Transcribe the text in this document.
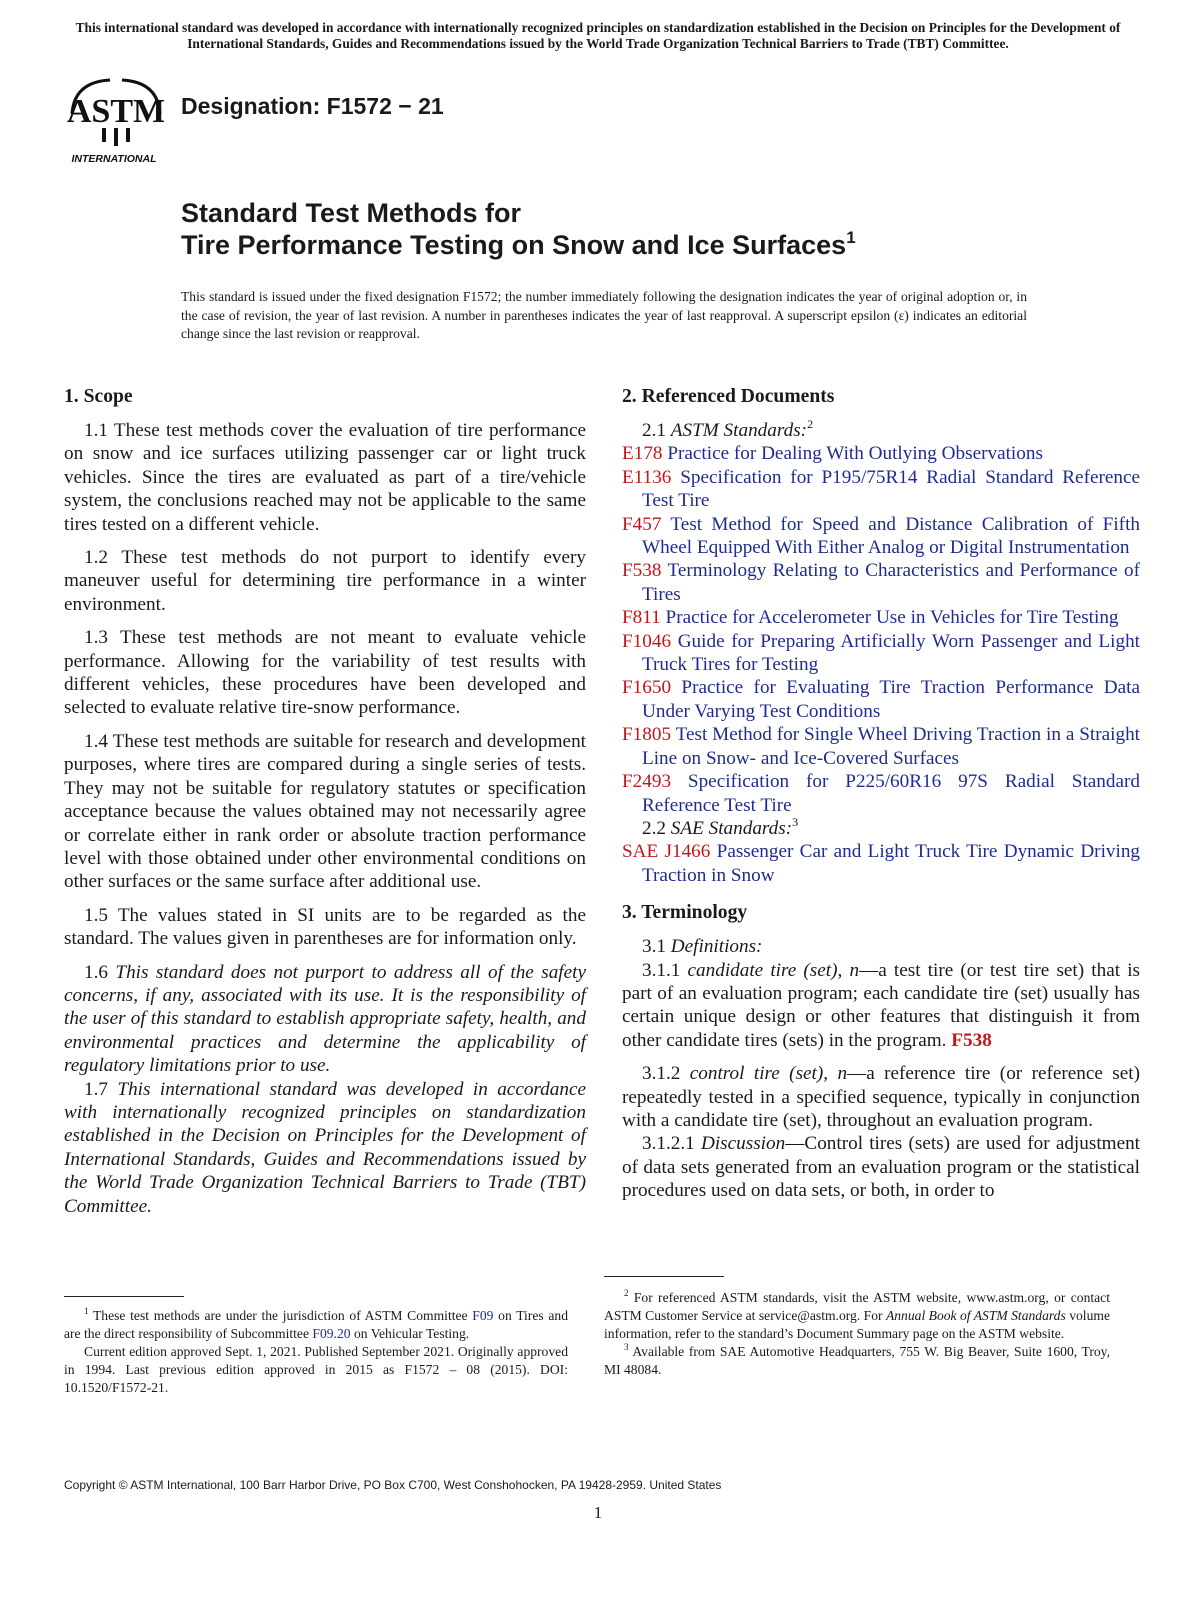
This international standard was developed in accordance with internationally recognized principles on standardization established in the Decision on Principles for the Development of International Standards, Guides and Recommendations issued by the World Trade Organization Technical Barriers to Trade (TBT) Committee.
ASTM
INTERNATIONAL
Designation: F1572 − 21
Standard Test Methods for
Tire Performance Testing on Snow and Ice Surfaces$^1$
This standard is issued under the fixed designation F1572; the number immediately following the designation indicates the year of original adoption or, in the case of revision, the year of last revision. A number in parentheses indicates the year of last reapproval. A superscript epsilon (ε) indicates an editorial change since the last revision or reapproval.
1. Scope

1.1 These test methods cover the evaluation of tire performance on snow and ice surfaces utilizing passenger car or light truck vehicles. Since the tires are evaluated as part of a tire/vehicle system, the conclusions reached may not be applicable to the same tires tested on a different vehicle.

1.2 These test methods do not purport to identify every maneuver useful for determining tire performance in a winter environment.

1.3 These test methods are not meant to evaluate vehicle performance. Allowing for the variability of test results with different vehicles, these procedures have been developed and selected to evaluate relative tire-snow performance.

1.4 These test methods are suitable for research and development purposes, where tires are compared during a single series of tests. They may not be suitable for regulatory statutes or specification acceptance because the values obtained may not necessarily agree or correlate either in rank order or absolute traction performance level with those obtained under other environmental conditions on other surfaces or the same surface after additional use.

1.5 The values stated in SI units are to be regarded as the standard. The values given in parentheses are for information only.

1.6 This standard does not purport to address all of the safety concerns, if any, associated with its use. It is the responsibility of the user of this standard to establish appropriate safety, health, and environmental practices and determine the applicability of regulatory limitations prior to use.

1.7 This international standard was developed in accordance with internationally recognized principles on standardization established in the Decision on Principles for the Development of International Standards, Guides and Recommendations issued by the World Trade Organization Technical Barriers to Trade (TBT) Committee.

2. Referenced Documents

2.1 ASTM Standards:$^2$

E178 Practice for Dealing With Outlying Observations

E1136 Specification for P195/75R14 Radial Standard Reference Test Tire

F457 Test Method for Speed and Distance Calibration of Fifth Wheel Equipped With Either Analog or Digital Instrumentation

F538 Terminology Relating to Characteristics and Performance of Tires

F811 Practice for Accelerometer Use in Vehicles for Tire Testing

F1046 Guide for Preparing Artificially Worn Passenger and Light Truck Tires for Testing

F1650 Practice for Evaluating Tire Traction Performance Data Under Varying Test Conditions

F1805 Test Method for Single Wheel Driving Traction in a Straight Line on Snow- and Ice-Covered Surfaces

F2493 Specification for P225/60R16 97S Radial Standard Reference Test Tire

2.2 SAE Standards:$^3$

SAE J1466 Passenger Car and Light Truck Tire Dynamic Driving Traction in Snow

3. Terminology

3.1 Definitions:

3.1.1 candidate tire (set), n—a test tire (or test tire set) that is part of an evaluation program; each candidate tire (set) usually has certain unique design or other features that distinguish it from other candidate tires (sets) in the program. F538

3.1.2 control tire (set), n—a reference tire (or reference set) repeatedly tested in a specified sequence, typically in conjunction with a candidate tire (set), throughout an evaluation program.

3.1.2.1 Discussion—Control tires (sets) are used for adjustment of data sets generated from an evaluation program or the statistical procedures used on data sets, or both, in order to

$^1$ These test methods are under the jurisdiction of ASTM Committee F09 on Tires and are the direct responsibility of Subcommittee F09.20 on Vehicular Testing.

Current edition approved Sept. 1, 2021. Published September 2021. Originally approved in 1994. Last previous edition approved in 2015 as F1572 – 08 (2015). DOI: 10.1520/F1572-21.

$^2$ For referenced ASTM standards, visit the ASTM website, www.astm.org, or contact ASTM Customer Service at service@astm.org. For Annual Book of ASTM Standards volume information, refer to the standard’s Document Summary page on the ASTM website.

$^3$ Available from SAE Automotive Headquarters, 755 W. Big Beaver, Suite 1600, Troy, MI 48084.

Copyright © ASTM International, 100 Barr Harbor Drive, PO Box C700, West Conshohocken, PA 19428-2959. United States
1
